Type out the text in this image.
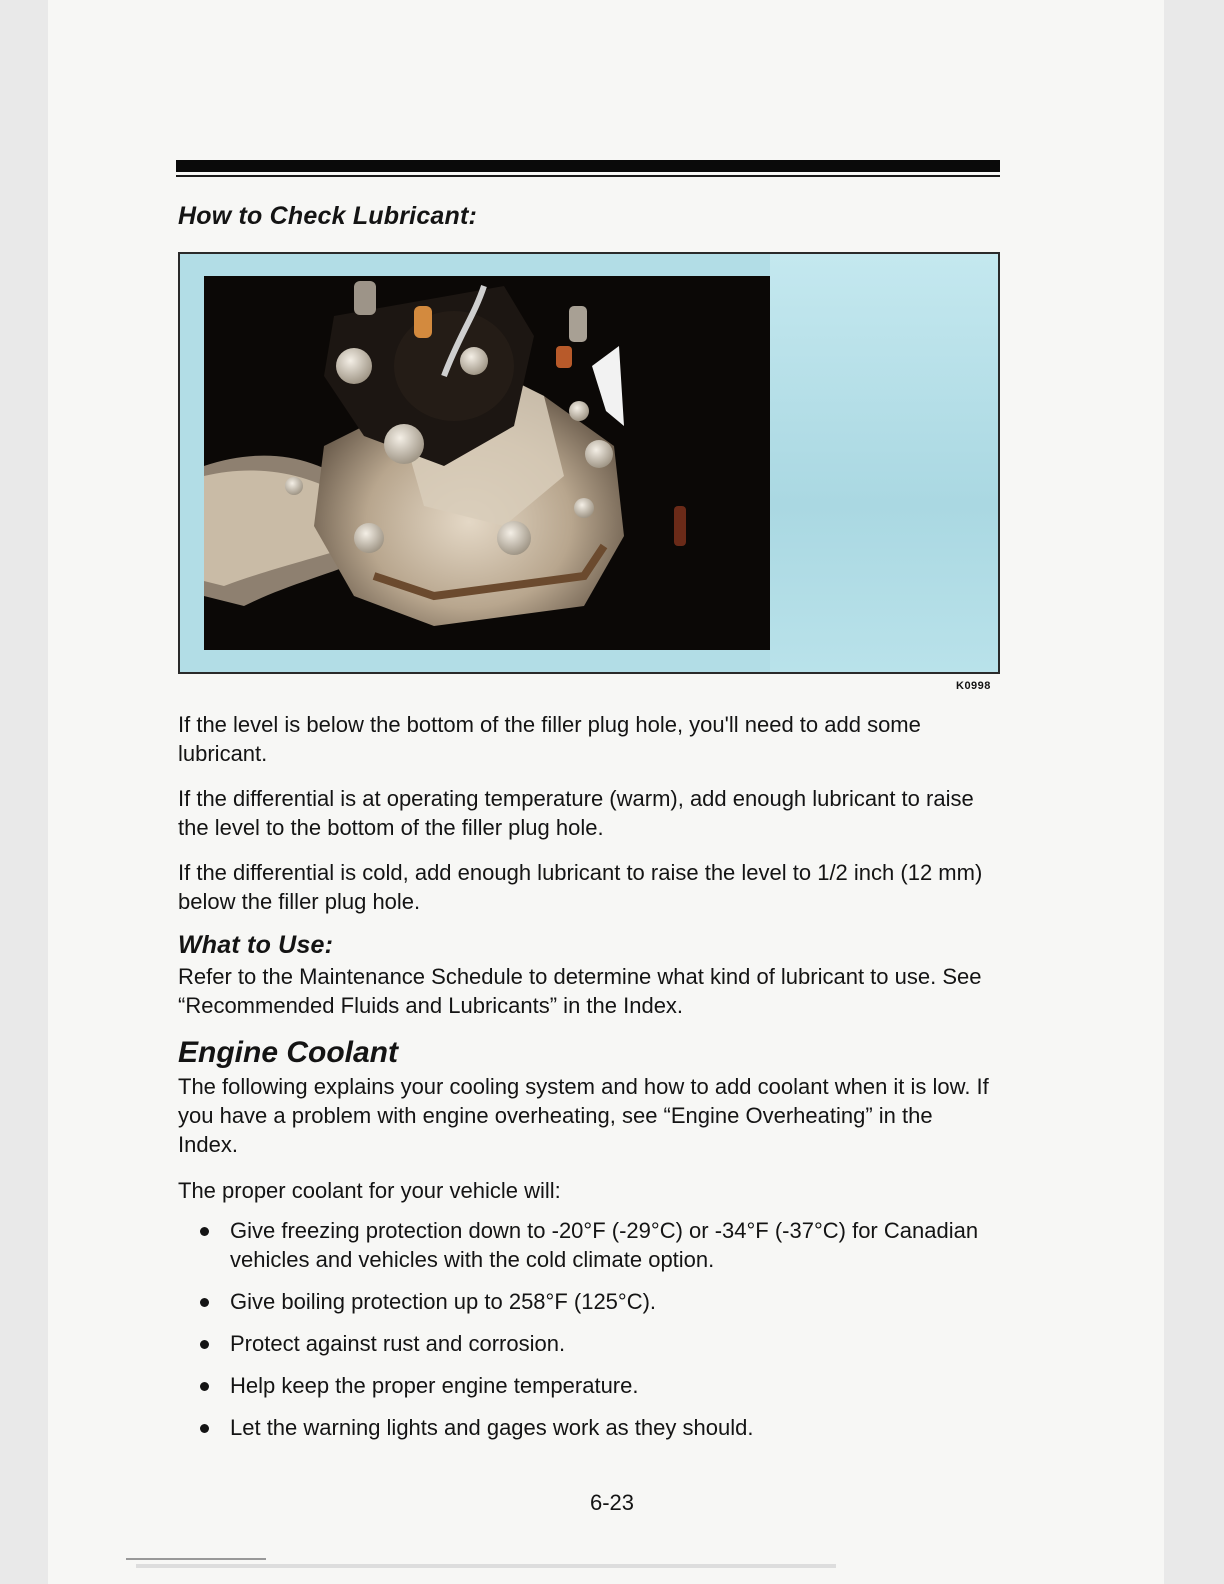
How to Check Lubricant:
K0998

If the level is below the bottom of the filler plug hole, you'll need to add some lubricant.

If the differential is at operating temperature (warm), add enough lubricant to raise the level to the bottom of the filler plug hole.

If the differential is cold, add enough lubricant to raise the level to 1/2 inch (12 mm) below the filler plug hole.

What to Use:

Refer to the Maintenance Schedule to determine what kind of lubricant to use. See “Recommended Fluids and Lubricants” in the Index.

Engine Coolant

The following explains your cooling system and how to add coolant when it is low. If you have a problem with engine overheating, see “Engine Overheating” in the Index.

The proper coolant for your vehicle will:

Give freezing protection down to -20°F (-29°C) or -34°F (-37°C) for Canadian vehicles and vehicles with the cold climate option.
Give boiling protection up to 258°F (125°C).
Protect against rust and corrosion.
Help keep the proper engine temperature.
Let the warning lights and gages work as they should.
6-23
